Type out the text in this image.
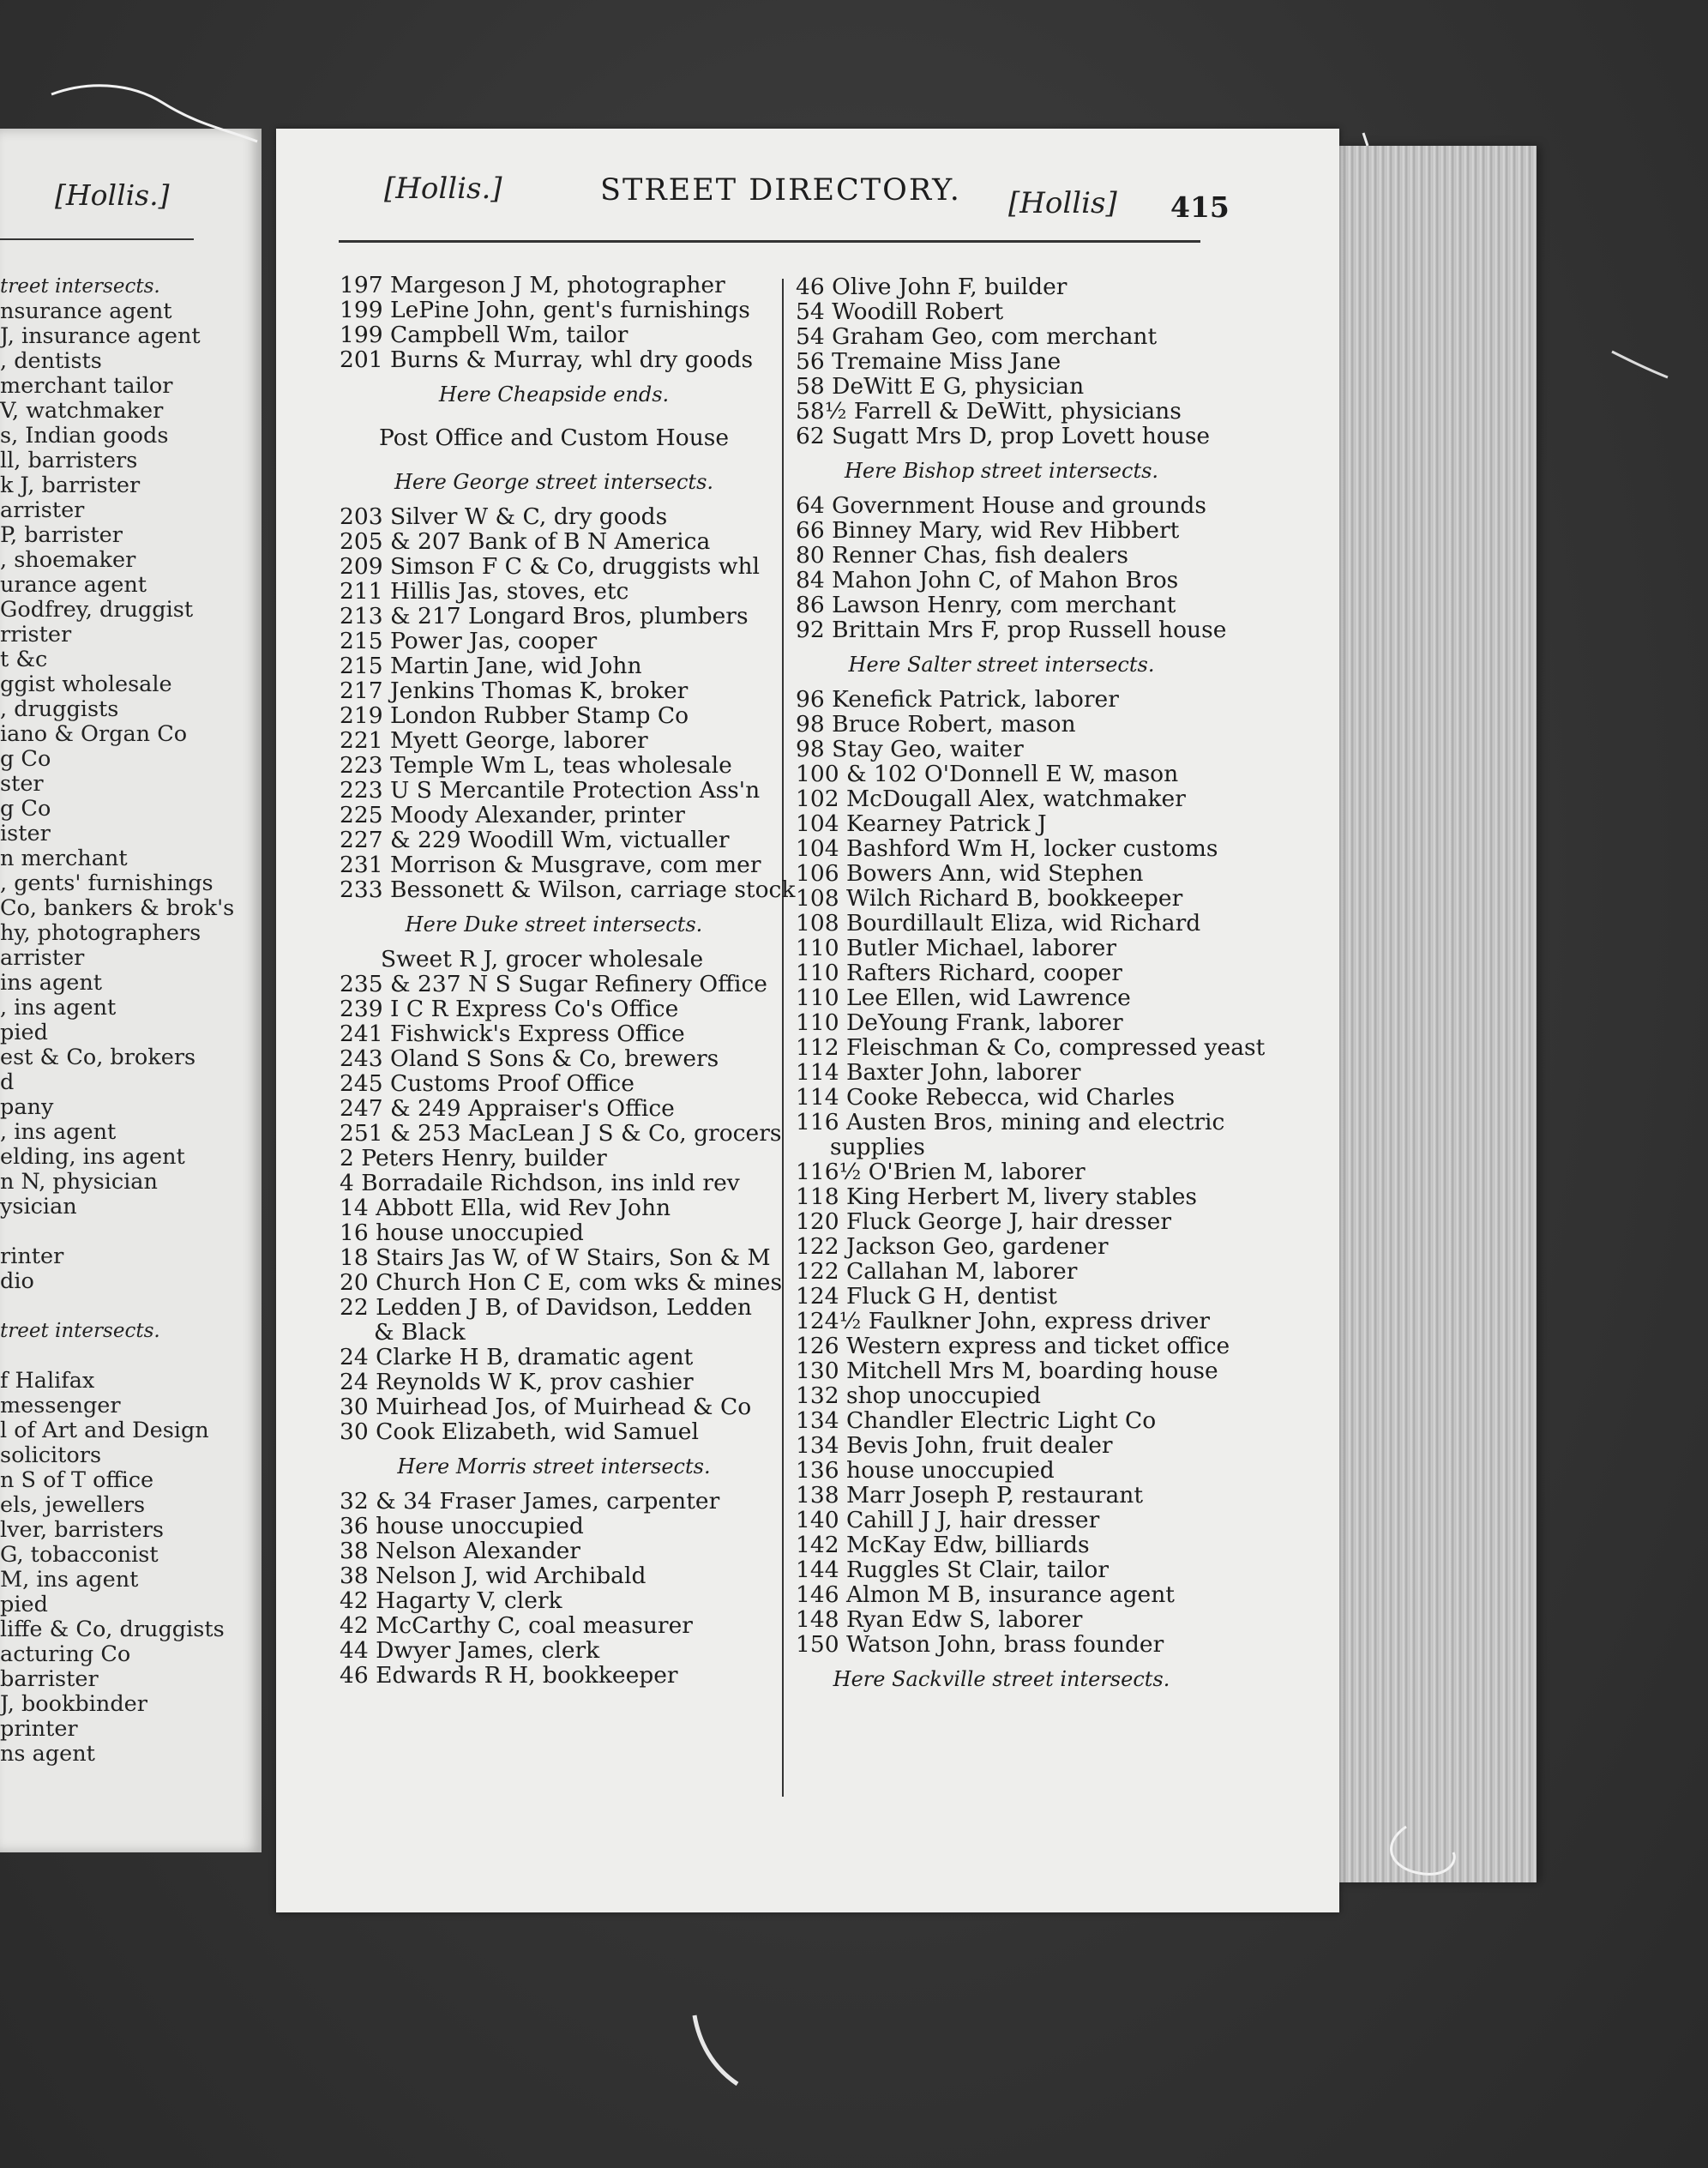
[Hollis.]
treet intersects.
nsurance agent
J, insurance agent
, dentists
merchant tailor
V, watchmaker
s, Indian goods
ll, barristers
k J, barrister
arrister
P, barrister
, shoemaker
urance agent
Godfrey, druggist
rrister
t &c
ggist wholesale
, druggists
iano & Organ Co
g Co
ster
g Co
ister
n merchant
, gents' furnishings
Co, bankers & brok's
hy, photographers
arrister
ins agent
, ins agent
pied
est & Co, brokers
d
pany
, ins agent
elding, ins agent
n N, physician
ysician

rinter
dio

treet intersects.

f Halifax
messenger
l of Art and Design
solicitors
n S of T office
els, jewellers
lver, barristers
G, tobacconist
M, ins agent
pied
liffe & Co, druggists
acturing Co
barrister
J, bookbinder
printer
ns agent
[Hollis.]	STREET DIRECTORY. [Hollis] 415
197 Margeson J M, photographer
199 LePine John, gent's furnishings
199 Campbell Wm, tailor
201 Burns & Murray, whl dry goods
Here Cheapside ends.
Post Office and Custom House
Here George street intersects.
203 Silver W & C, dry goods
205 & 207 Bank of B N America
209 Simson F C & Co, druggists whl
211 Hillis Jas, stoves, etc
213 & 217 Longard Bros, plumbers
215 Power Jas, cooper
215 Martin Jane, wid John
217 Jenkins Thomas K, broker
219 London Rubber Stamp Co
221 Myett George, laborer
223 Temple Wm L, teas wholesale
223 U S Mercantile Protection Ass'n
225 Moody Alexander, printer
227 & 229 Woodill Wm, victualler
231 Morrison & Musgrave, com mer
233 Bessonett & Wilson, carriage stock
Here Duke street intersects.
Sweet R J, grocer wholesale
235 & 237 N S Sugar Refinery Office
239 I C R Express Co's Office
241 Fishwick's Express Office
243 Oland S Sons & Co, brewers
245 Customs Proof Office
247 & 249 Appraiser's Office
251 & 253 MacLean J S & Co, grocers
2 Peters Henry, builder
4 Borradaile Richdson, ins inld rev
14 Abbott Ella, wid Rev John
16 house unoccupied
18 Stairs Jas W, of W Stairs, Son & M
20 Church Hon C E, com wks & mines
22 Ledden J B, of Davidson, Ledden
& Black
24 Clarke H B, dramatic agent
24 Reynolds W K, prov cashier
30 Muirhead Jos, of Muirhead & Co
30 Cook Elizabeth, wid Samuel
Here Morris street intersects.
32 & 34 Fraser James, carpenter
36 house unoccupied
38 Nelson Alexander
38 Nelson J, wid Archibald
42 Hagarty V, clerk
42 McCarthy C, coal measurer
44 Dwyer James, clerk
46 Edwards R H, bookkeeper
46 Olive John F, builder
54 Woodill Robert
54 Graham Geo, com merchant
56 Tremaine Miss Jane
58 DeWitt E G, physician
58½ Farrell & DeWitt, physicians
62 Sugatt Mrs D, prop Lovett house
Here Bishop street intersects.
64 Government House and grounds
66 Binney Mary, wid Rev Hibbert
80 Renner Chas, fish dealers
84 Mahon John C, of Mahon Bros
86 Lawson Henry, com merchant
92 Brittain Mrs F, prop Russell house
Here Salter street intersects.
96 Kenefick Patrick, laborer
98 Bruce Robert, mason
98 Stay Geo, waiter
100 & 102 O'Donnell E W, mason
102 McDougall Alex, watchmaker
104 Kearney Patrick J
104 Bashford Wm H, locker customs
106 Bowers Ann, wid Stephen
108 Wilch Richard B, bookkeeper
108 Bourdillault Eliza, wid Richard
110 Butler Michael, laborer
110 Rafters Richard, cooper
110 Lee Ellen, wid Lawrence
110 DeYoung Frank, laborer
112 Fleischman & Co, compressed yeast
114 Baxter John, laborer
114 Cooke Rebecca, wid Charles
116 Austen Bros, mining and electric
supplies
116½ O'Brien M, laborer
118 King Herbert M, livery stables
120 Fluck George J, hair dresser
122 Jackson Geo, gardener
122 Callahan M, laborer
124 Fluck G H, dentist
124½ Faulkner John, express driver
126 Western express and ticket office
130 Mitchell Mrs M, boarding house
132 shop unoccupied
134 Chandler Electric Light Co
134 Bevis John, fruit dealer
136 house unoccupied
138 Marr Joseph P, restaurant
140 Cahill J J, hair dresser
142 McKay Edw, billiards
144 Ruggles St Clair, tailor
146 Almon M B, insurance agent
148 Ryan Edw S, laborer
150 Watson John, brass founder
Here Sackville street intersects.
